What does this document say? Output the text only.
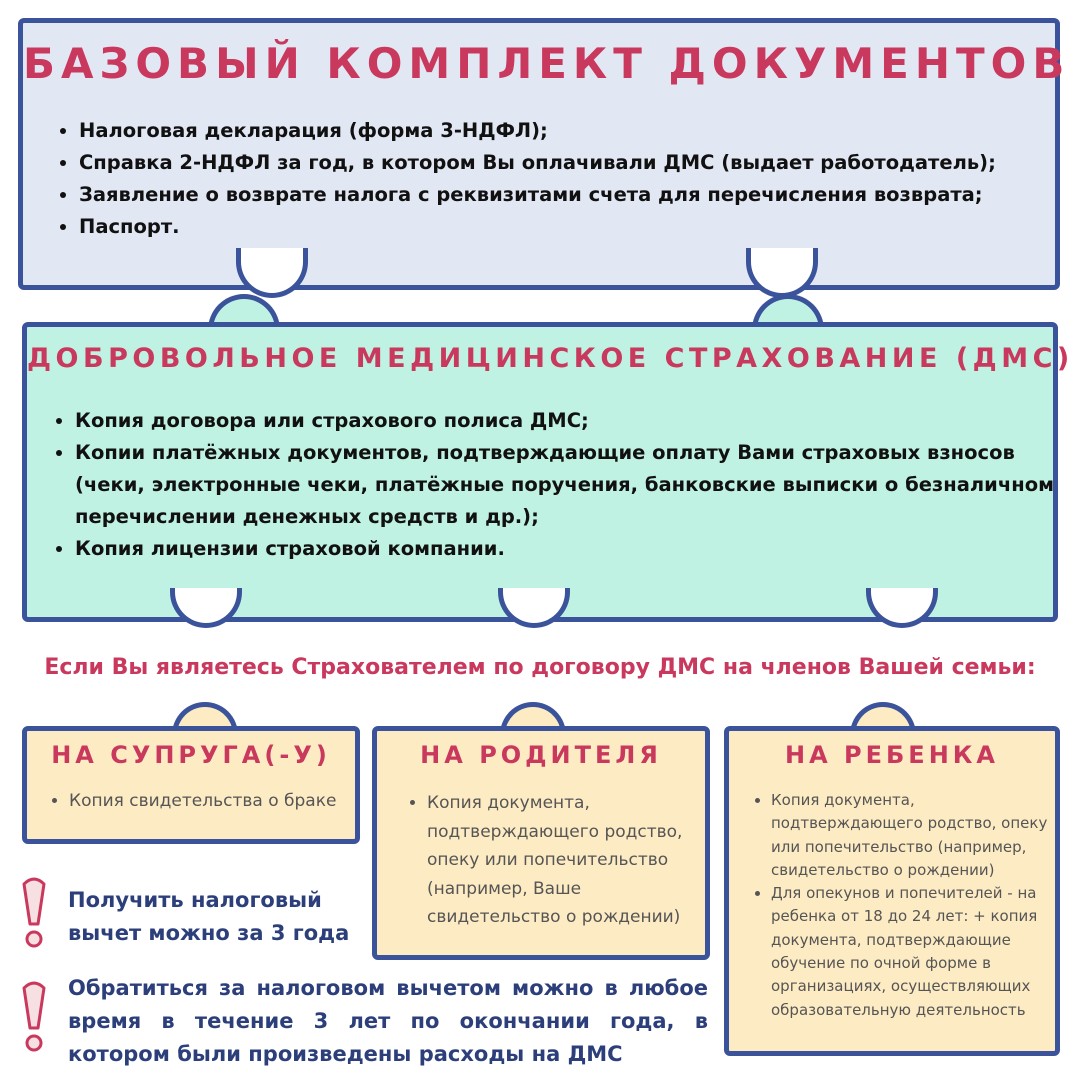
БАЗОВЫЙ КОМПЛЕКТ ДОКУМЕНТОВ
• Налоговая декларация (форма 3-НДФЛ);
• Справка 2-НДФЛ за год, в котором Вы оплачивали ДМС (выдает работодатель);
• Заявление о возврате налога с реквизитами счета для перечисления возврата;
• Паспорт.
ДОБРОВОЛЬНОЕ МЕДИЦИНСКОЕ СТРАХОВАНИЕ (ДМС)
• Копия договора или страхового полиса ДМС;
• Копии платёжных документов, подтверждающие оплату Вами страховых взносов (чеки, электронные чеки, платёжные поручения, банковские выписки о безналичном перечислении денежных средств и др.);
• Копия лицензии страховой компании.
Если Вы являетесь Страхователем по договору ДМС на членов Вашей семьи:
НА СУПРУГА(-У)
• Копия свидетельства о браке
НА РОДИТЕЛЯ
• Копия документа, подтверждающего родство, опеку или попечительство (например, Ваше свидетельство о рождении)
НА РЕБЕНКА
• Копия документа, подтверждающего родство, опеку или попечительство (например, свидетельство о рождении)
• Для опекунов и попечителей - на ребенка от 18 до 24 лет: + копия документа, подтверждающие обучение по очной форме в организациях, осуществляющих образовательную деятельность
Получить налоговый вычет можно за 3 года
Обратиться за налоговом вычетом можно в любое время в течение 3 лет по окончании года, в котором были произведены расходы на ДМС
